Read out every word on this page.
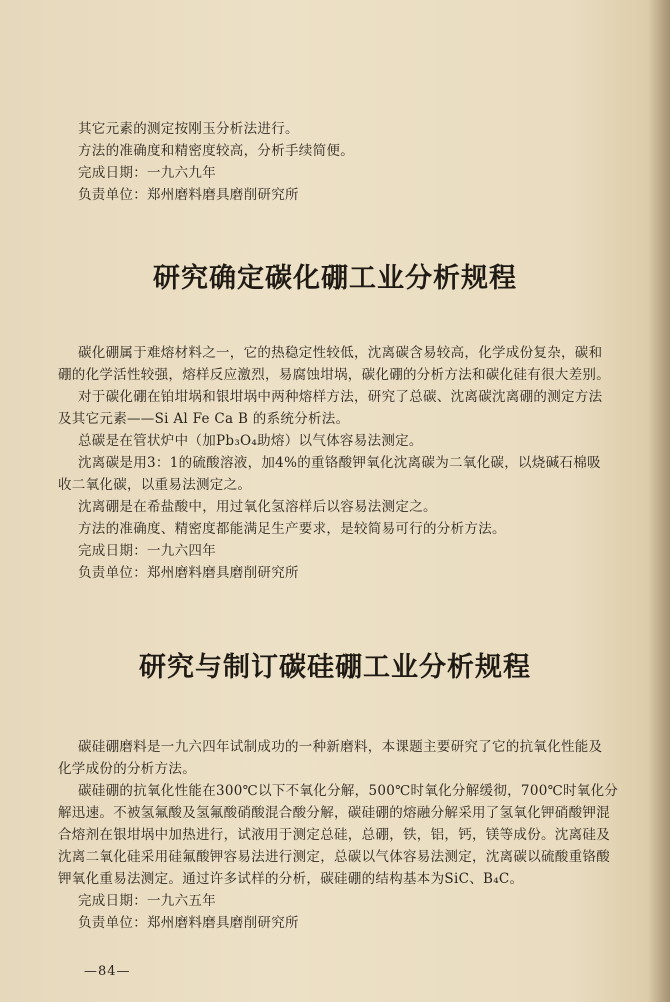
其它元素的测定按刚玉分析法进行。
方法的准确度和精密度较高，分析手续简便。
完成日期：一九六九年
负责单位：郑州磨料磨具磨削研究所
研究确定碳化硼工业分析规程
碳化硼属于难熔材料之一，它的热稳定性较低，沈离碳含易较高，化学成份复杂，碳和
硼的化学活性较强，熔样反应激烈，易腐蚀坩埚，碳化硼的分析方法和碳化硅有很大差别。
对于碳化硼在铂坩埚和银坩埚中两种熔样方法，研究了总碳、沈离碳沈离硼的测定方法
及其它元素——Si Al Fe Ca B 的系统分析法。
总碳是在管状炉中（加Pb₃O₄助熔）以气体容易法测定。
沈离碳是用3：1的硫酸溶液，加4%的重铬酸钾氧化沈离碳为二氧化碳，以烧碱石棉吸
收二氧化碳，以重易法测定之。
沈离硼是在希盐酸中，用过氧化氢溶样后以容易法测定之。
方法的准确度、精密度都能满足生产要求，是较简易可行的分析方法。
完成日期：一九六四年
负责单位：郑州磨料磨具磨削研究所
研究与制订碳硅硼工业分析规程
碳硅硼磨料是一九六四年试制成功的一种新磨料，本课题主要研究了它的抗氧化性能及
化学成份的分析方法。
碳硅硼的抗氧化性能在300℃以下不氧化分解，500℃时氧化分解缓彻，700℃时氧化分
解迅速。不被氢氟酸及氢氟酸硝酸混合酸分解，碳硅硼的熔融分解采用了氢氧化钾硝酸钾混
合熔剂在银坩埚中加热进行，试液用于测定总硅，总硼，铁，铝，钙，镁等成份。沈离硅及
沈离二氧化硅采用硅氟酸钾容易法进行测定，总碳以气体容易法测定，沈离碳以硫酸重铬酸
钾氧化重易法测定。通过许多试样的分析，碳硅硼的结构基本为SiC、B₄C。
完成日期：一九六五年
负责单位：郑州磨料磨具磨削研究所
—84—
